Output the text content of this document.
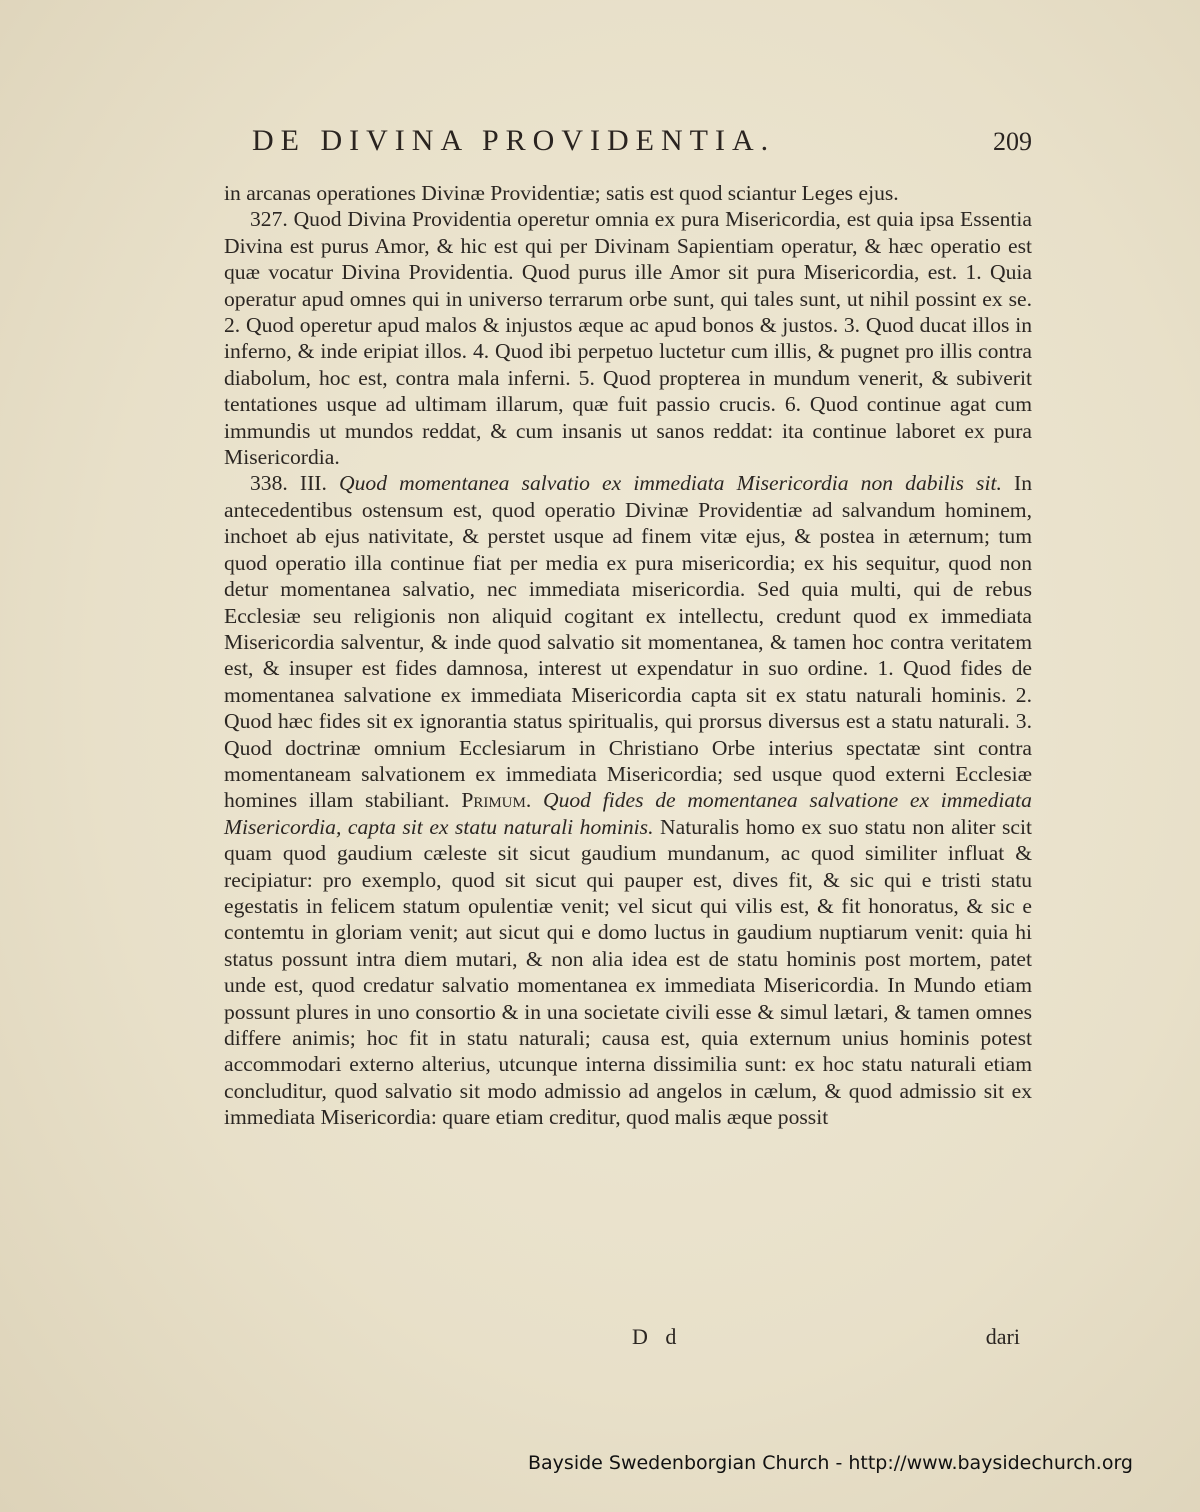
DE DIVINA PROVIDENTIA.	209

in arcanas operationes Divinæ Providentiæ; satis est quod sciantur Leges ejus.

327. Quod Divina Providentia operetur omnia ex pura Misericordia, est quia ipsa Essentia Divina est purus Amor, & hic est qui per Divinam Sapientiam operatur, & hæc operatio est quæ vocatur Divina Providentia. Quod purus ille Amor sit pura Misericordia, est. 1. Quia operatur apud omnes qui in universo terrarum orbe sunt, qui tales sunt, ut nihil possint ex se. 2. Quod operetur apud malos & injustos æque ac apud bonos & justos. 3. Quod ducat illos in inferno, & inde eripiat illos. 4. Quod ibi perpetuo luctetur cum illis, & pugnet pro illis contra diabolum, hoc est, contra mala inferni. 5. Quod propterea in mundum venerit, & subiverit tentationes usque ad ultimam illarum, quæ fuit passio crucis. 6. Quod continue agat cum immundis ut mundos reddat, & cum insanis ut sanos reddat: ita continue laboret ex pura Misericordia.

338. III. Quod momentanea salvatio ex immediata Misericordia non dabilis sit. In antecedentibus ostensum est, quod operatio Divinæ Providentiæ ad salvandum hominem, inchoet ab ejus nativitate, & perstet usque ad finem vitæ ejus, & postea in æternum; tum quod operatio illa continue fiat per media ex pura misericordia; ex his sequitur, quod non detur momentanea salvatio, nec immediata misericordia. Sed quia multi, qui de rebus Ecclesiæ seu religionis non aliquid cogitant ex intellectu, credunt quod ex immediata Misericordia salventur, & inde quod salvatio sit momentanea, & tamen hoc contra veritatem est, & insuper est fides damnosa, interest ut expendatur in suo ordine. 1. Quod fides de momentanea salvatione ex immediata Misericordia capta sit ex statu naturali hominis. 2. Quod hæc fides sit ex ignorantia status spiritualis, qui prorsus diversus est a statu naturali. 3. Quod doctrinæ omnium Ecclesiarum in Christiano Orbe interius spectatæ sint contra momentaneam salvationem ex immediata Misericordia; sed usque quod externi Ecclesiæ homines illam stabiliant. Primum. Quod fides de momentanea salvatione ex immediata Misericordia, capta sit ex statu naturali hominis. Naturalis homo ex suo statu non aliter scit quam quod gaudium cæleste sit sicut gaudium mundanum, ac quod similiter influat & recipiatur: pro exemplo, quod sit sicut qui pauper est, dives fit, & sic qui e tristi statu egestatis in felicem statum opulentiæ venit; vel sicut qui vilis est, & fit honoratus, & sic e contemtu in gloriam venit; aut sicut qui e domo luctus in gaudium nuptiarum venit: quia hi status possunt intra diem mutari, & non alia idea est de statu hominis post mortem, patet unde est, quod credatur salvatio momentanea ex immediata Misericordia. In Mundo etiam possunt plures in uno consortio & in una societate civili esse & simul lætari, & tamen omnes differe animis; hoc fit in statu naturali; causa est, quia externum unius hominis potest accommodari externo alterius, utcunque interna dissimilia sunt: ex hoc statu naturali etiam concluditur, quod salvatio sit modo admissio ad angelos in cælum, & quod admissio sit ex immediata Misericordia: quare etiam creditur, quod malis æque possit

D d	dari
Bayside Swedenborgian Church - http://www.baysidechurch.org
